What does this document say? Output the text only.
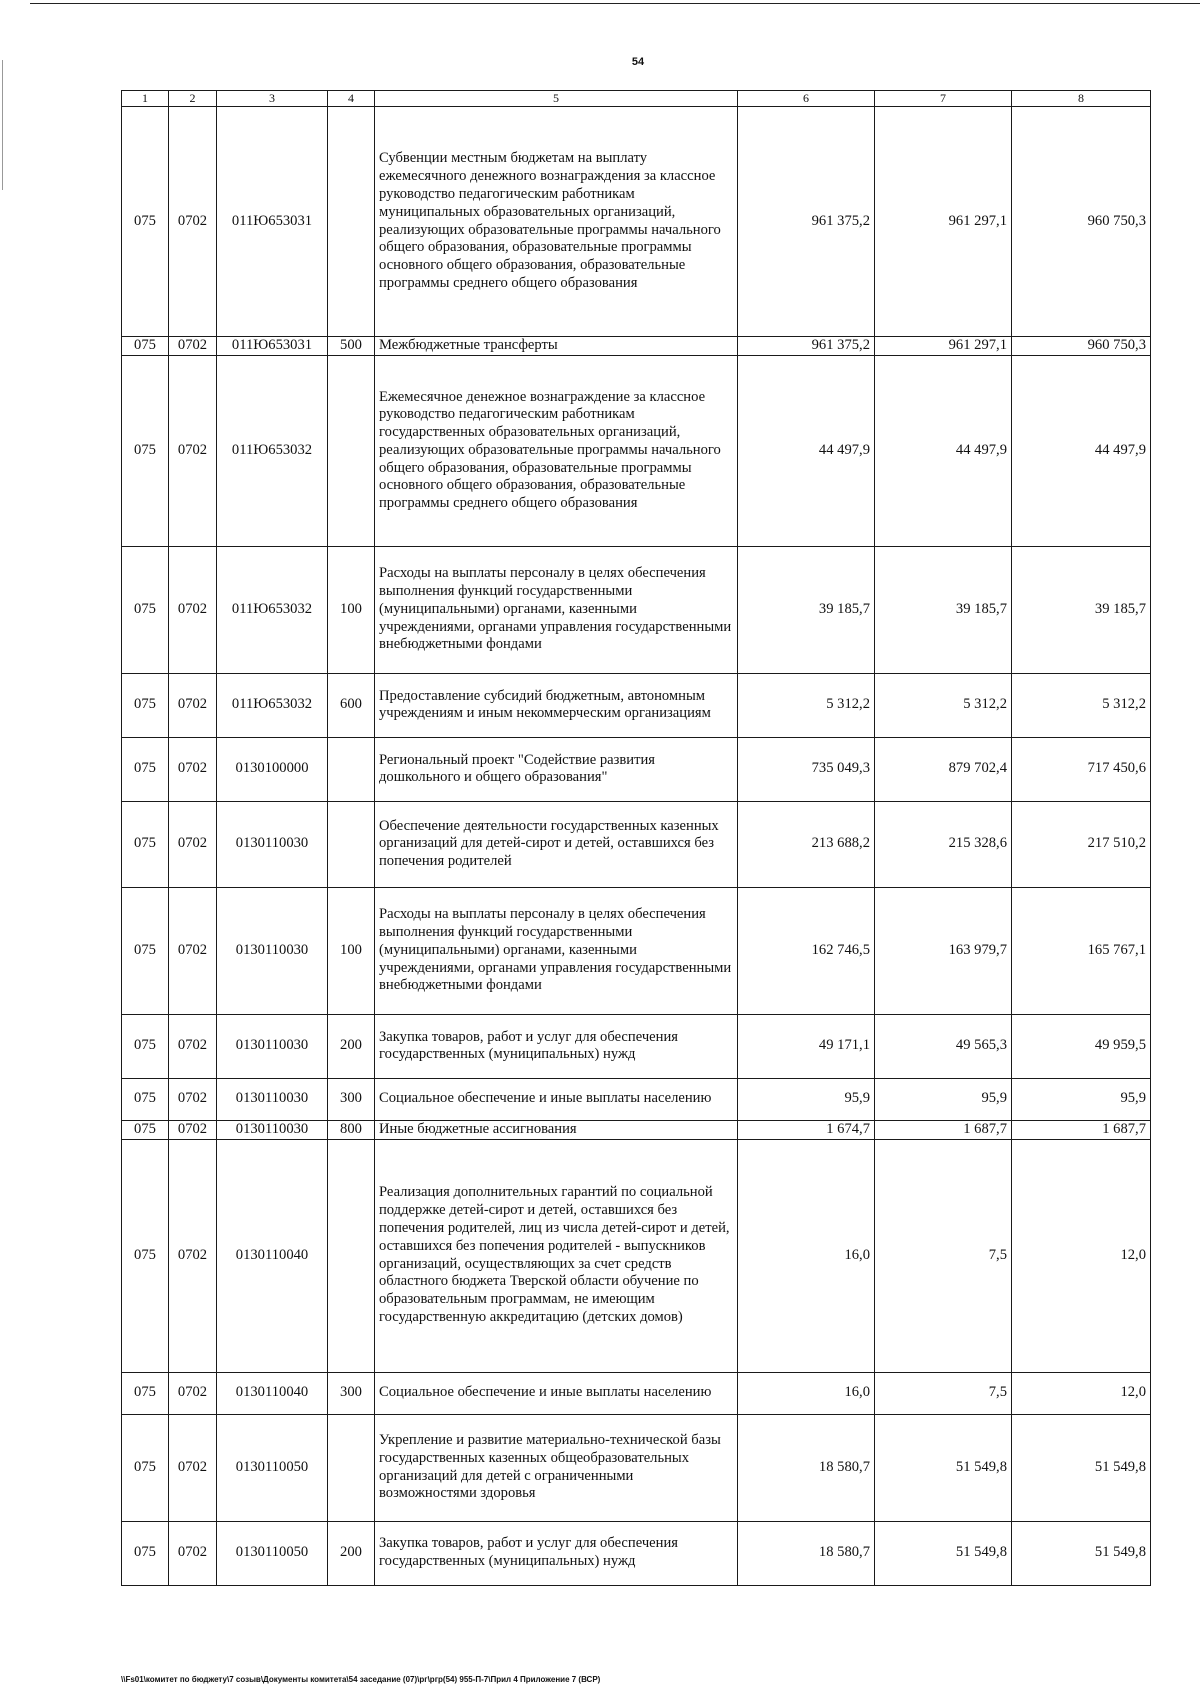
54
1	2	3	4	5	6	7	8
075	0702	011Ю653031		Субвенции местным бюджетам на выплату ежемесячного денежного вознаграждения за классное руководство педагогическим работникам муниципальных образовательных организаций, реализующих образовательные программы начального общего образования, образовательные программы основного общего образования, образовательные программы среднего общего образования	961 375,2	961 297,1	960 750,3
075	0702	011Ю653031	500	Межбюджетные трансферты	961 375,2	961 297,1	960 750,3
075	0702	011Ю653032		Ежемесячное денежное вознаграждение за классное руководство педагогическим работникам государственных образовательных организаций, реализующих образовательные программы начального общего образования, образовательные программы основного общего образования, образовательные программы среднего общего образования	44 497,9	44 497,9	44 497,9
075	0702	011Ю653032	100	Расходы на выплаты персоналу в целях обеспечения выполнения функций государственными (муниципальными) органами, казенными учреждениями, органами управления государственными внебюджетными фондами	39 185,7	39 185,7	39 185,7
075	0702	011Ю653032	600	Предоставление субсидий бюджетным, автономным учреждениям и иным некоммерческим организациям	5 312,2	5 312,2	5 312,2
075	0702	0130100000		Региональный проект "Содействие развития дошкольного и общего образования"	735 049,3	879 702,4	717 450,6
075	0702	0130110030		Обеспечение деятельности государственных казенных организаций для детей-сирот и детей, оставшихся без попечения родителей	213 688,2	215 328,6	217 510,2
075	0702	0130110030	100	Расходы на выплаты персоналу в целях обеспечения выполнения функций государственными (муниципальными) органами, казенными учреждениями, органами управления государственными внебюджетными фондами	162 746,5	163 979,7	165 767,1
075	0702	0130110030	200	Закупка товаров, работ и услуг для обеспечения государственных (муниципальных) нужд	49 171,1	49 565,3	49 959,5
075	0702	0130110030	300	Социальное обеспечение и иные выплаты населению	95,9	95,9	95,9
075	0702	0130110030	800	Иные бюджетные ассигнования	1 674,7	1 687,7	1 687,7
075	0702	0130110040		Реализация дополнительных гарантий по социальной поддержке детей-сирот и детей, оставшихся без попечения родителей, лиц из числа детей-сирот и детей, оставшихся без попечения родителей - выпускников организаций, осуществляющих за счет средств областного бюджета Тверской области обучение по образовательным программам, не имеющим государственную аккредитацию (детских домов)	16,0	7,5	12,0
075	0702	0130110040	300	Социальное обеспечение и иные выплаты населению	16,0	7,5	12,0
075	0702	0130110050		Укрепление и развитие материально-технической базы государственных казенных общеобразовательных организаций для детей с ограниченными возможностями здоровья	18 580,7	51 549,8	51 549,8
075	0702	0130110050	200	Закупка товаров, работ и услуг для обеспечения государственных (муниципальных) нужд	18 580,7	51 549,8	51 549,8
\\Fs01\комитет по бюджету\7 созыв\Документы комитета\54 заседание (07)\рг\ргр(54) 955-П-7\Прил 4 Приложение 7 (ВСР)
